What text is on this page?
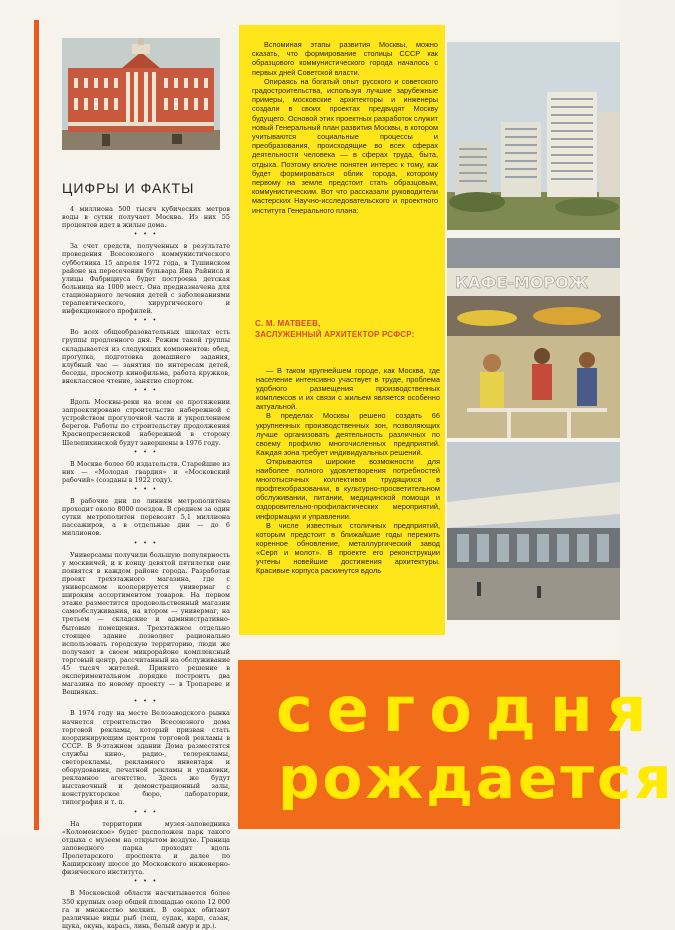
ЦИФРЫ И ФАКТЫ

4 миллиона 500 тысяч кубических метров воды в сутки получает Москва. Из них 55 процентов идет в жилые дома.

• • •

За счет средств, полученных в результате проведения Всесоюзного коммунистического субботника 15 апреля 1972 года, в Тушинском районе на пересечении бульвара Яна Райниса и улицы Фабрициуса будет построена детская больница на 1000 мест. Она предназначена для стационарного лечения детей с заболеваниями терапевтического, хирургического и инфекционного профилей.

• • •

Во всех общеобразовательных школах есть группы продленного дня. Режим такой группы складывается из следующих компонентов: обед, прогулка, подготовка домашнего задания, клубный час — занятия по интересам детей, беседы, просмотр кинофильма, работа кружков, внеклассное чтение, занятие спортом.

• • •

Вдоль Москвы-реки на всем ее протяжении запроектировано строительство набережной с устройством прогулочной части и укреплением берегов. Работы по строительству продолжения Краснопресненской набережной в сторону Шелепихинской будут завершены в 1976 году.

• • •

В Москве более 60 издательств. Старейшие из них — «Молодая гвардия» и «Московский рабочий» (созданы в 1922 году).

• • •

В рабочие дни по линиям метрополитена проходит около 8000 поездов. В среднем за один сутки метрополитен перевозит 5,1 миллиона пассажиров, а в отдельные дни — до 6 миллионов.

• • •

Универсамы получили большую популярность у москвичей, и к концу девятой пятилетки они появятся в каждом районе города. Разработан проект трехэтажного магазина, где с универсамом кооперируется универмаг с широким ассортиментом товаров. На первом этаже разместится продовольственный магазин самообслуживания, на втором — универмаг, на третьем — складские и административно-бытовые помещения. Трехэтажное отдельно стоящее здание позволяет рационально использовать городскую территорию, люди же получают в своем микрорайоне комплексный торговый центр, рассчитанный на обслуживание 45 тысяч жителей. Принято решение в экспериментальном порядке построить два магазина по новому проекту — в Тропареве и Вешняках.

• • •

В 1974 году на месте Велозаводского рынка начнется строительство Всесоюзного дома торговой рекламы, который призван стать координирующим центром торговой рекламы в СССР. В 9-этажном здании Дома разместятся службы кино-, радио-, телерекламы, светорекламы, рекламного инвентаря и оборудования, печатной рекламы и упаковки, рекламное агентство. Здесь же будут выставочный и демонстрационный залы, конструкторское бюро, лаборатории, типография и т. п.

• • •

На территории музея-заповедника «Коломенское» будет расположен парк такого отдыха с музеем на открытом воздухе. Граница заповедного парка проходит вдоль Пролетарского проспекта и далее по Каширскому шоссе до Московского инженерно-физического института.

• • •

В Московской области насчитывается более 350 крупных озер общей площадью около 12 000 га и множество мелких. В озерах обитают различные виды рыб (лещ, судак, карп, сазан, щука, окунь, карась, линь, белый амур и др.).

Вспоминая этапы развития Москвы, можно сказать, что формирование столицы СССР как образцового коммунистического города началось с первых дней Советской власти.

Опираясь на богатый опыт русского и советского градостроительства, используя лучшие зарубежные примеры, московские архитекторы и инженеры создали в своих проектах предвидят Москву будущего. Основой этих проектных разработок служит новый Генеральный план развития Москвы, в котором учитываются социальные процессы и преобразования, происходящие во всех сферах деятельности человека — в сферах труда, быта, отдыха. Поэтому вполне понятен интерес к тому, как будет формироваться облик города, которому первому на земле предстоит стать образцовым, коммунистическим. Вот что рассказали руководители мастерских Научно-исследовательского и проектного института Генерального плана:

С. М. МАТВЕЕВ,
ЗАСЛУЖЕННЫЙ АРХИТЕКТОР РСФСР:

— В таком крупнейшем городе, как Москва, где население интенсивно участвует в труде, проблема удобного размещения производственных комплексов и их связи с жильем является особенно актуальной.

В пределах Москвы решено создать 66 укрупненных производственных зон, позволяющих лучше организовать деятельность различных по своему профилю многочисленных предприятий. Каждая зона требует индивидуальных решений.

Открываются широкие возможности для наиболее полного удовлетворения потребностей многотысячных коллективов трудящихся в профтехобразовании, в культурно-просветительном обслуживании, питании, медицинской помощи и оздоровительно-профилактических мероприятий, информации и управлении.

В числе известных столичных предприятий, которым предстоит в ближайшие годы пережить коренное обновление, металлургический завод «Серп и молот». В проекте его реконструкции учтены новейшие достижения архитектуры. Красивые корпуса раскинутся вдоль

КАФЕ-МОРОЖ
сегодня
рождается
